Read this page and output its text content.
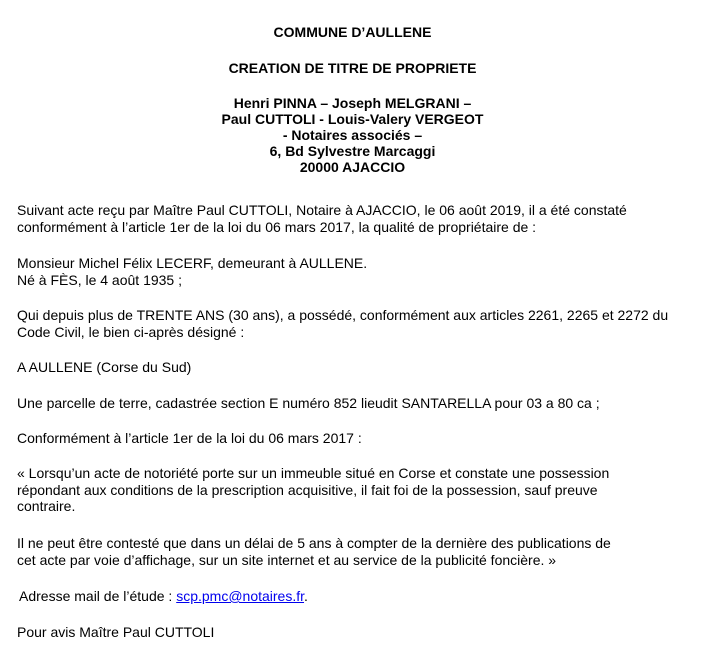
COMMUNE D’AULLENE
CREATION DE TITRE DE PROPRIETE
Henri PINNA – Joseph MELGRANI –
Paul CUTTOLI - Louis-Valery VERGEOT
- Notaires associés –
6, Bd Sylvestre Marcaggi
20000 AJACCIO
Suivant acte reçu par Maître Paul CUTTOLI, Notaire à AJACCIO, le 06 août 2019, il a été constaté
conformément à l’article 1er de la loi du 06 mars 2017, la qualité de propriétaire de :
Monsieur Michel Félix LECERF, demeurant à AULLENE.
Né à FÈS, le 4 août 1935 ;
Qui depuis plus de TRENTE ANS (30 ans), a possédé, conformément aux articles 2261, 2265 et 2272 du
Code Civil, le bien ci-après désigné :
A AULLENE (Corse du Sud)
Une parcelle de terre, cadastrée section E numéro 852 lieudit SANTARELLA pour 03 a 80 ca ;
Conformément à l’article 1er de la loi du 06 mars 2017 :
« Lorsqu’un acte de notoriété porte sur un immeuble situé en Corse et constate une possession
répondant aux conditions de la prescription acquisitive, il fait foi de la possession, sauf preuve
contraire.
Il ne peut être contesté que dans un délai de 5 ans à compter de la dernière des publications de
cet acte par voie d’affichage, sur un site internet et au service de la publicité foncière. »
Adresse mail de l’étude : scp.pmc@notaires.fr.
Pour avis Maître Paul CUTTOLI
